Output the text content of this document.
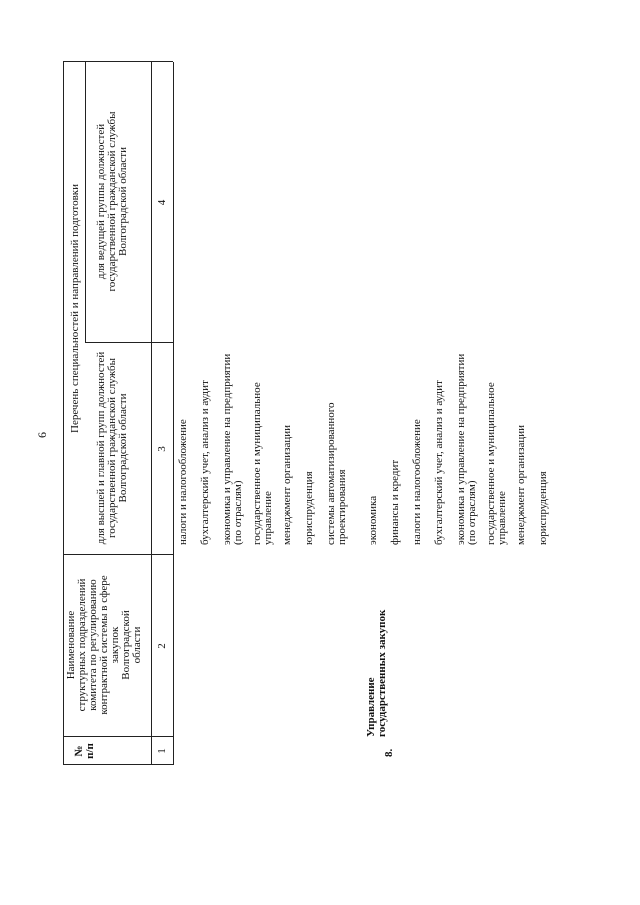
6
№ п/п	1
Наименование структурных подразделений комитета по регулированию контрактной системы в сфере закупок Волгоградской области 2
Перечень специальностей и направлений подготовки
для высшей и главной групп должностей государственной гражданской службы Волгоградской области
для ведущей группы должностей государственной гражданской службы Волгоградской области
3
4
налоги и налогообложение бухгалтерский учет, анализ и аудит экономика и управление на предприятии (по отраслям) государственное и муниципальное управление менеджмент организации юриспруденция системы автоматизированного проектирования
8.
Управление государственных закупок
экономика финансы и кредит налоги и налогообложение бухгалтерский учет, анализ и аудит экономика и управление на предприятии (по отраслям) государственное и муниципальное управление менеджмент организации юриспруденция
